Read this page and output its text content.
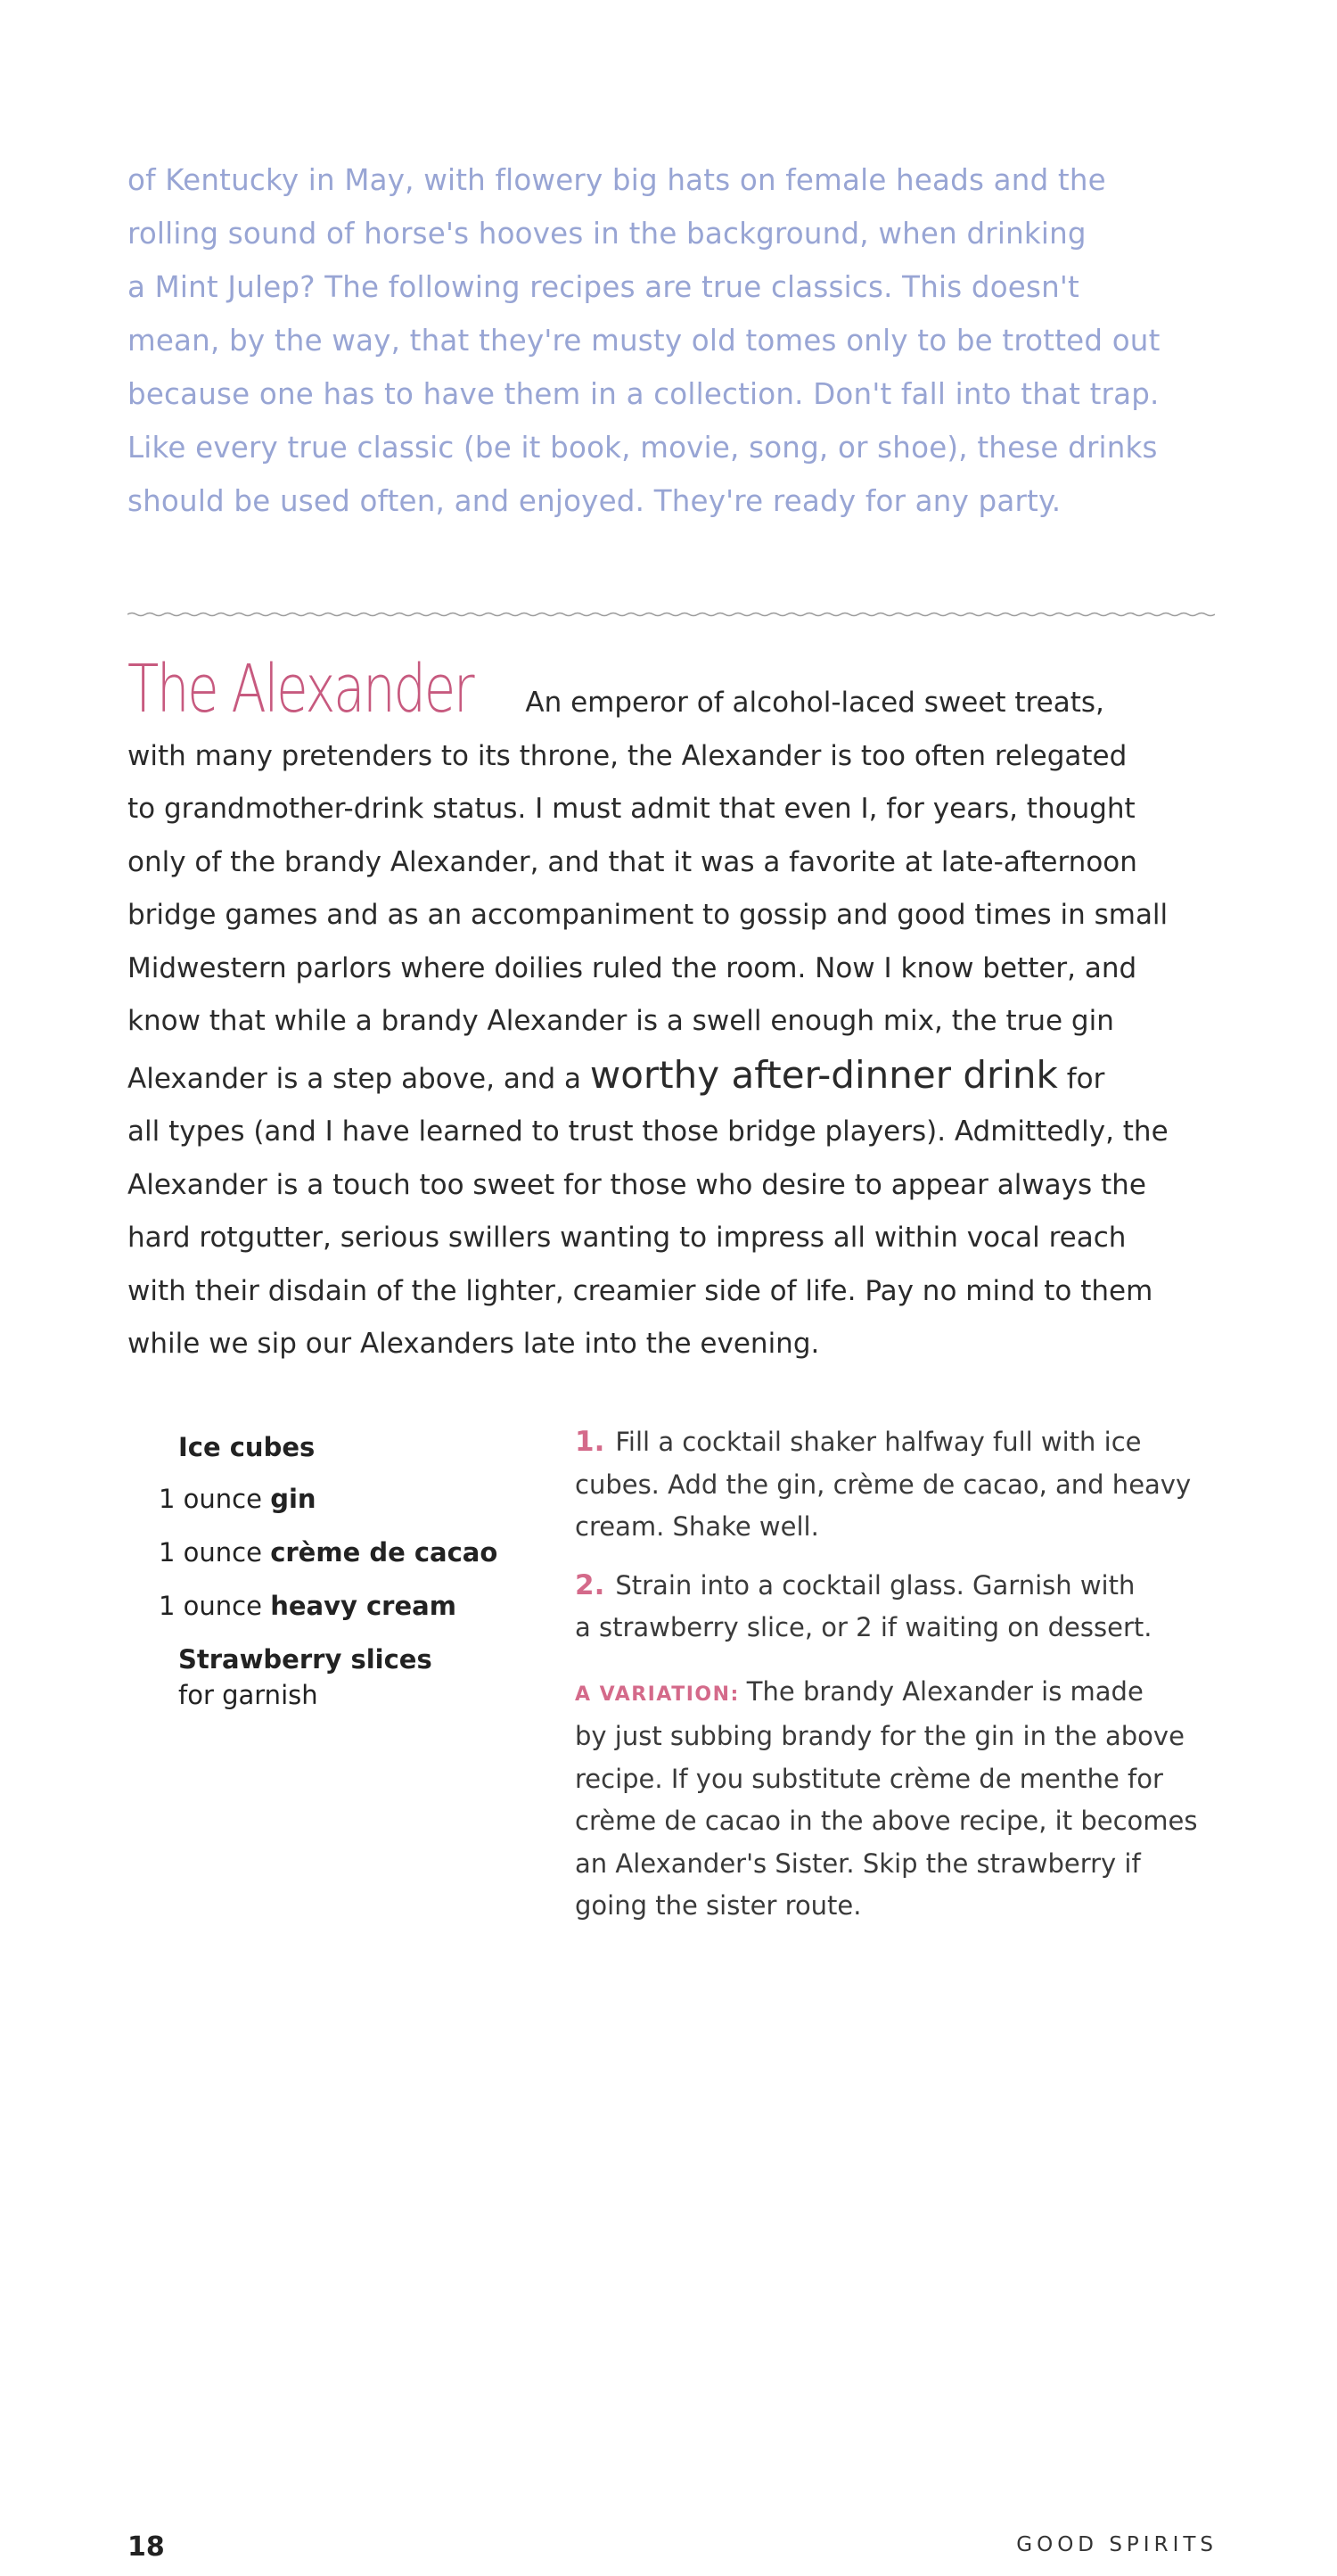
of Kentucky in May, with flowery big hats on female heads and the
rolling sound of horse's hooves in the background, when drinking
a Mint Julep? The following recipes are true classics. This doesn't
mean, by the way, that they're musty old tomes only to be trotted out
because one has to have them in a collection. Don't fall into that trap.
Like every true classic (be it book, movie, song, or shoe), these drinks
should be used often, and enjoyed. They're ready for any party.
The Alexander An emperor of alcohol-laced sweet treats,
with many pretenders to its throne, the Alexander is too often relegated
to grandmother-drink status. I must admit that even I, for years, thought
only of the brandy Alexander, and that it was a favorite at late-afternoon
bridge games and as an accompaniment to gossip and good times in small
Midwestern parlors where doilies ruled the room. Now I know better, and
know that while a brandy Alexander is a swell enough mix, the true gin
Alexander is a step above, and a worthy after-dinner drink for
all types (and I have learned to trust those bridge players). Admittedly, the
Alexander is a touch too sweet for those who desire to appear always the
hard rotgutter, serious swillers wanting to impress all within vocal reach
with their disdain of the lighter, creamier side of life. Pay no mind to them
while we sip our Alexanders late into the evening.
Ice cubes
1 ounce gin
1 ounce crème de cacao
1 ounce heavy cream
Strawberry slices
for garnish
1. Fill a cocktail shaker halfway full with ice
cubes. Add the gin, crème de cacao, and heavy
cream. Shake well.
2. Strain into a cocktail glass. Garnish with
a strawberry slice, or 2 if waiting on dessert.
A VARIATION: The brandy Alexander is made
by just subbing brandy for the gin in the above
recipe. If you substitute crème de menthe for
crème de cacao in the above recipe, it becomes
an Alexander's Sister. Skip the strawberry if
going the sister route.
18	GOOD SPIRITS
